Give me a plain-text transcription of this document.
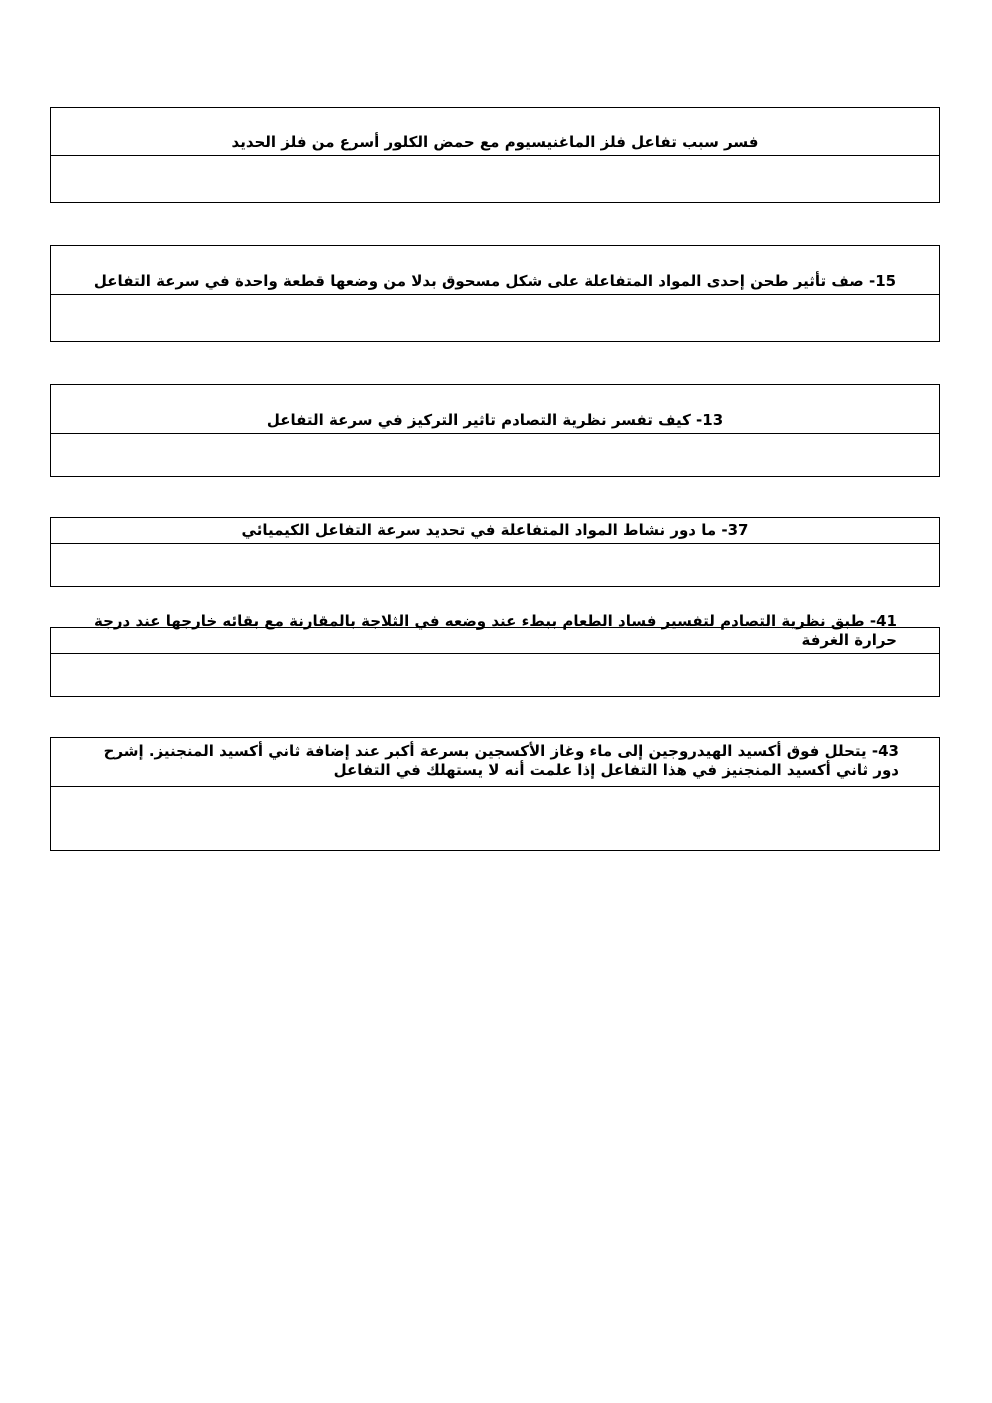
فسر سبب تفاعل فلز الماغنيسيوم مع حمض الكلور أسرع من فلز الحديد
15- صف تأثير طحن إحدى المواد المتفاعلة على شكل مسحوق بدلا من وضعها قطعة واحدة في سرعة التفاعل
13- كيف تفسر نظرية التصادم تاثير التركيز في سرعة التفاعل
37- ما دور نشاط المواد المتفاعلة في تحديد سرعة التفاعل الكيميائي
41- طبق نظرية التصادم لتفسير فساد الطعام ببطء عند وضعه في الثلاجة بالمقارنة مع بقائه خارجها عند درجة حرارة الغرفة
43- يتحلل فوق أكسيد الهيدروجين إلى ماء وغاز الأكسجين بسرعة أكبر عند إضافة ثاني أكسيد المنجنيز. إشرح دور ثاني أكسيد المنجنيز في هذا التفاعل إذا علمت أنه لا يستهلك في التفاعل
